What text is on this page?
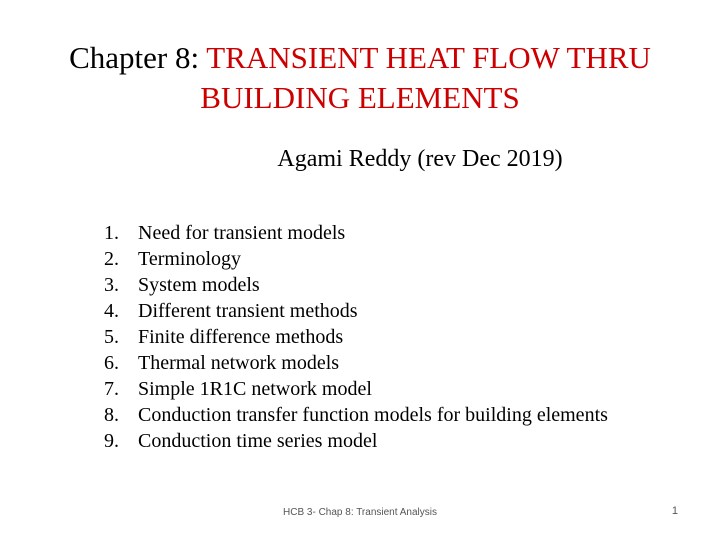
Chapter 8: TRANSIENT HEAT FLOW THRU BUILDING ELEMENTS
Agami Reddy (rev Dec 2019)
1. Need for transient models
2. Terminology
3. System models
4. Different transient methods
5. Finite difference methods
6. Thermal network models
7. Simple 1R1C network model
8. Conduction transfer function models for building elements
9. Conduction time series model
HCB 3- Chap 8: Transient Analysis	1
